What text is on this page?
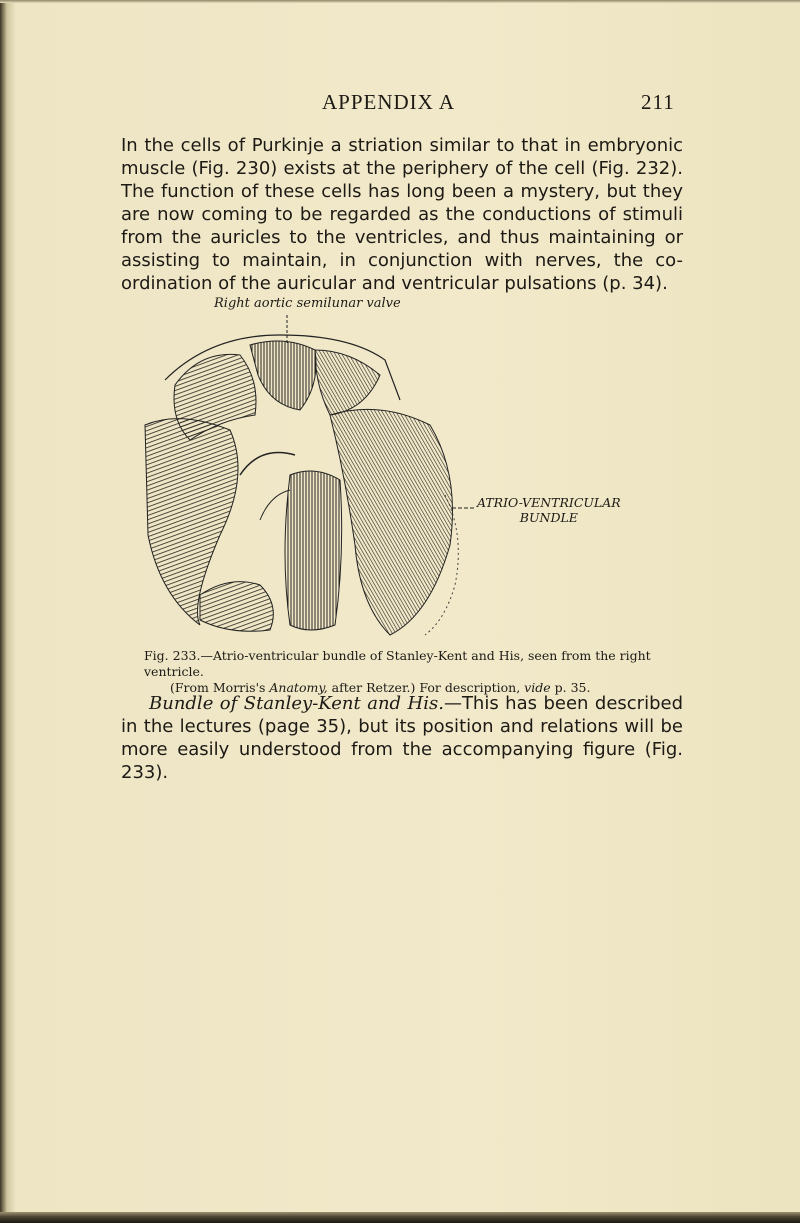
APPENDIX A	211

In the cells of Purkinje a striation similar to that in embryonic muscle (Fig. 230) exists at the periphery of the cell (Fig. 232). The function of these cells has long been a mystery, but they are now coming to be regarded as the conductions of stimuli from the auricles to the ventricles, and thus maintaining or assisting to maintain, in conjunction with nerves, the co-ordination of the auricular and ventricular pulsations (p. 34).

Right aortic semilunar valve
ATRIO-VENTRICULAR
BUNDLE

Fig. 233.—Atrio-ventricular bundle of Stanley-Kent and His, seen from the right ventricle.
(From Morris's Anatomy, after Retzer.) For description, vide p. 35.

Bundle of Stanley-Kent and His.—This has been described in the lectures (page 35), but its position and relations will be more easily understood from the accompanying figure (Fig. 233).
